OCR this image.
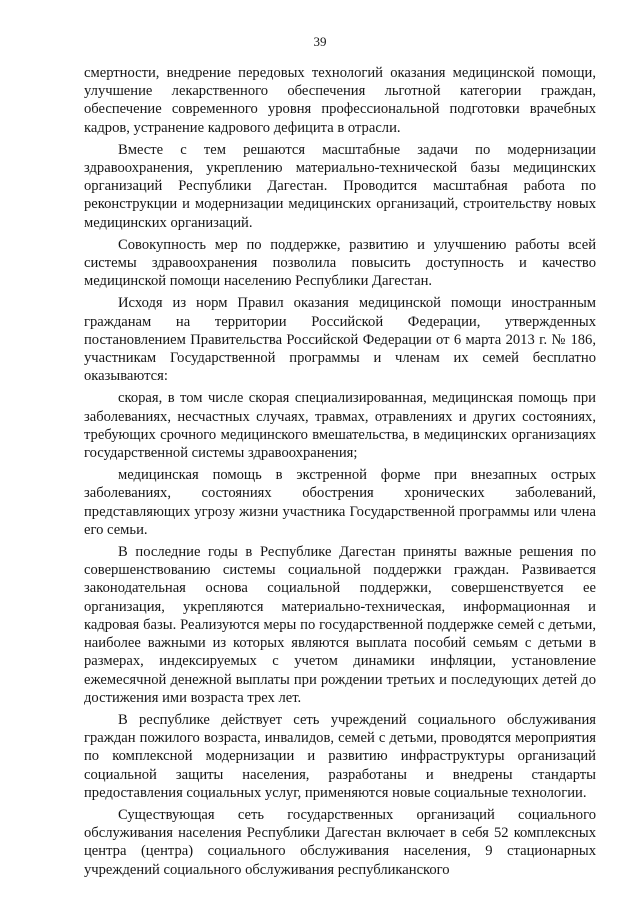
39

смертности, внедрение передовых технологий оказания медицинской помощи, улучшение лекарственного обеспечения льготной категории граждан, обеспечение современного уровня профессиональной подготовки врачебных кадров, устранение кадрового дефицита в отрасли.

Вместе с тем решаются масштабные задачи по модернизации здравоохранения, укреплению материально-технической базы медицинских организаций Республики Дагестан. Проводится масштабная работа по реконструкции и модернизации медицинских организаций, строительству новых медицинских организаций.

Совокупность мер по поддержке, развитию и улучшению работы всей системы здравоохранения позволила повысить доступность и качество медицинской помощи населению Республики Дагестан.

Исходя из норм Правил оказания медицинской помощи иностранным гражданам на территории Российской Федерации, утвержденных постановлением Правительства Российской Федерации от 6 марта 2013 г. № 186, участникам Государственной программы и членам их семей бесплатно оказываются:

скорая, в том числе скорая специализированная, медицинская помощь при заболеваниях, несчастных случаях, травмах, отравлениях и других состояниях, требующих срочного медицинского вмешательства, в медицинских организациях государственной системы здравоохранения;

медицинская помощь в экстренной форме при внезапных острых заболеваниях, состояниях обострения хронических заболеваний, представляющих угрозу жизни участника Государственной программы или члена его семьи.

В последние годы в Республике Дагестан приняты важные решения по совершенствованию системы социальной поддержки граждан. Развивается законодательная основа социальной поддержки, совершенствуется ее организация, укрепляются материально-техническая, информационная и кадровая базы. Реализуются меры по государственной поддержке семей с детьми, наиболее важными из которых являются выплата пособий семьям с детьми в размерах, индексируемых с учетом динамики инфляции, установление ежемесячной денежной выплаты при рождении третьих и последующих детей до достижения ими возраста трех лет.

В республике действует сеть учреждений социального обслуживания граждан пожилого возраста, инвалидов, семей с детьми, проводятся мероприятия по комплексной модернизации и развитию инфраструктуры организаций социальной защиты населения, разработаны и внедрены стандарты предоставления социальных услуг, применяются новые социальные технологии.

Существующая сеть государственных организаций социального обслуживания населения Республики Дагестан включает в себя 52 комплексных центра (центра) социального обслуживания населения, 9 стационарных учреждений социального обслуживания республиканского
